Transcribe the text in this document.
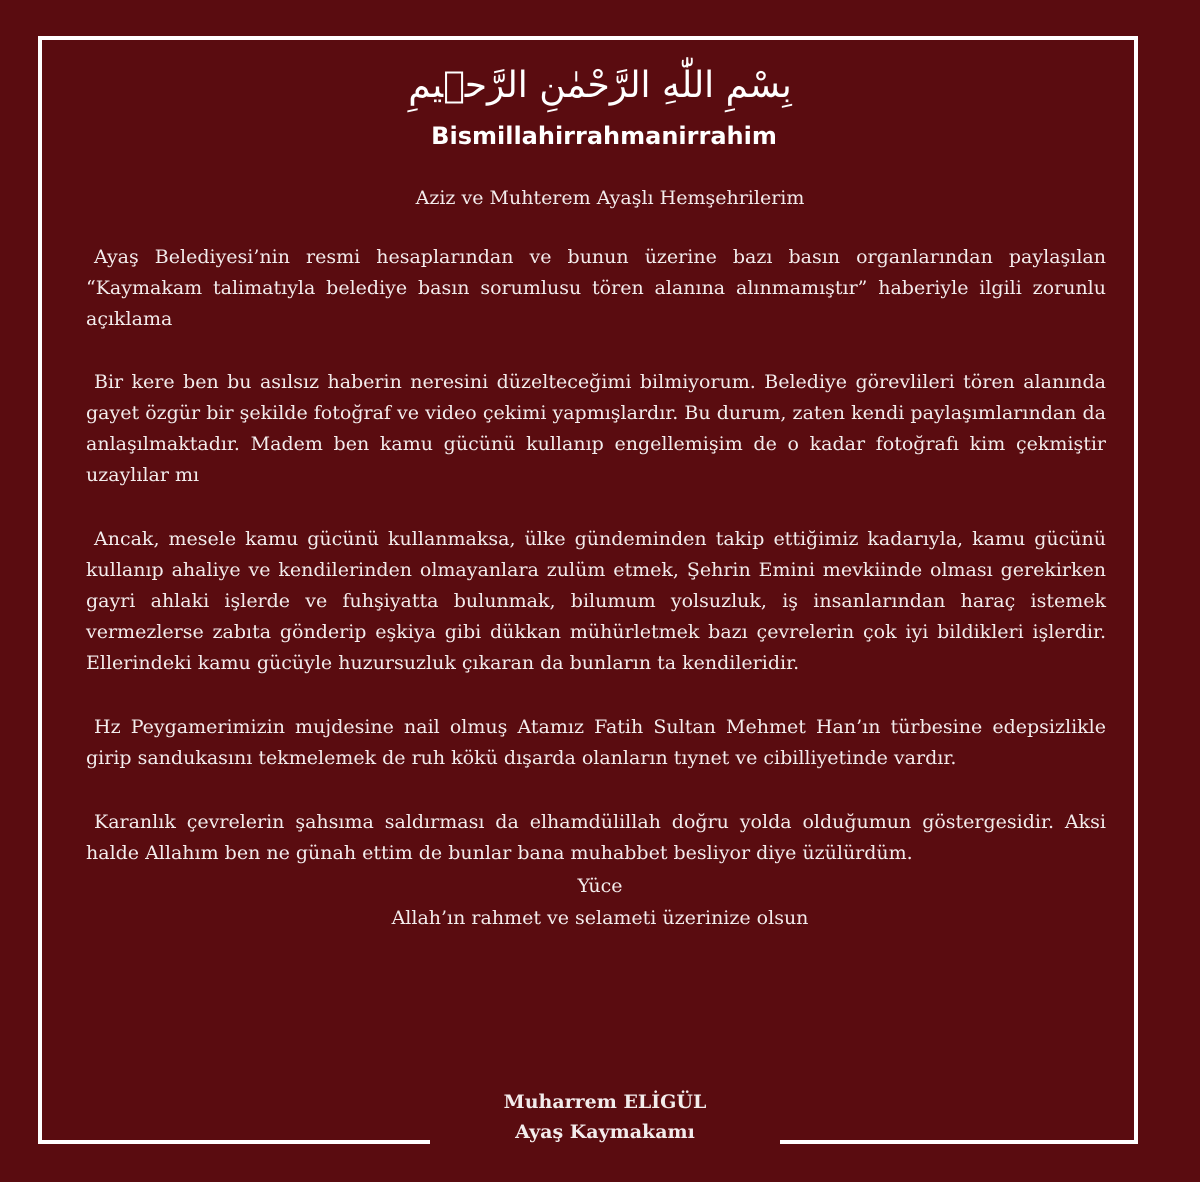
بِسْمِ اللّٰهِ الرَّحْمٰنِ الرَّح۪يمِ
Bismillahirrahmanirrahim
Aziz ve Muhterem Ayaşlı Hemşehrilerim

Ayaş Belediyesi’nin resmi hesaplarından ve bunun üzerine bazı basın organlarından paylaşılan “Kaymakam talimatıyla belediye basın sorumlusu tören alanına alınmamıştır” haberiyle ilgili zorunlu açıklama

Bir kere ben bu asılsız haberin neresini düzelteceğimi bilmiyorum. Belediye görevlileri tören alanında gayet özgür bir şekilde fotoğraf ve video çekimi yapmışlardır. Bu durum, zaten kendi paylaşımlarından da anlaşılmaktadır. Madem ben kamu gücünü kullanıp engellemişim de o kadar fotoğrafı kim çekmiştir uzaylılar mı

Ancak, mesele kamu gücünü kullanmaksa, ülke gündeminden takip ettiğimiz kadarıyla, kamu gücünü kullanıp ahaliye ve kendilerinden olmayanlara zulüm etmek, Şehrin Emini mevkiinde olması gerekirken gayri ahlaki işlerde ve fuhşiyatta bulunmak, bilumum yolsuzluk, iş insanlarından haraç istemek vermezlerse zabıta gönderip eşkiya gibi dükkan mühürletmek bazı çevrelerin çok iyi bildikleri işlerdir. Ellerindeki kamu gücüyle huzursuzluk çıkaran da bunların ta kendileridir.

Hz Peygamerimizin mujdesine nail olmuş Atamız Fatih Sultan Mehmet Han’ın türbesine edepsizlikle girip sandukasını tekmelemek de ruh kökü dışarda olanların tıynet ve cibilliyetinde vardır.

Karanlık çevrelerin şahsıma saldırması da elhamdülillah doğru yolda olduğumun göstergesidir. Aksi halde Allahım ben ne günah ettim de bunlar bana muhabbet besliyor diye üzülürdüm.

Yüce
Allah’ın rahmet ve selameti üzerinize olsun
Muharrem ELİGÜL
Ayaş Kaymakamı
